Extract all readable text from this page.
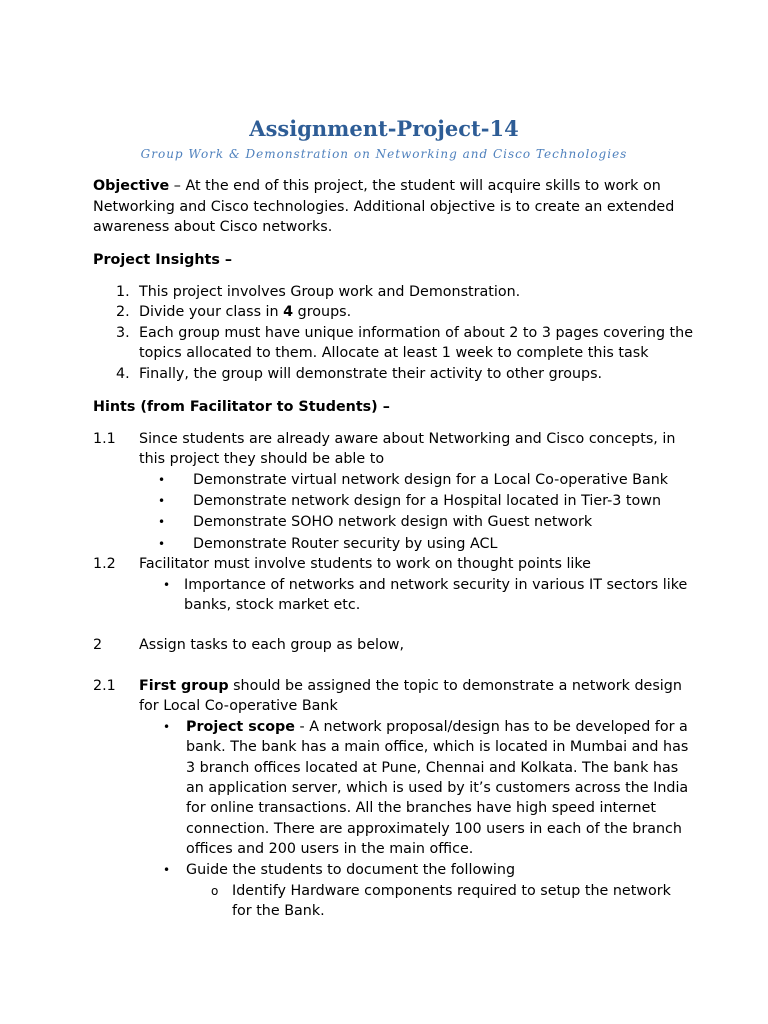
Assignment-Project-14
Group Work & Demonstration on Networking and Cisco Technologies
Objective – At the end of this project, the student will acquire skills to work on
Networking and Cisco technologies. Additional objective is to create an extended
awareness about Cisco networks.
Project Insights –
1. This project involves Group work and Demonstration.
2. Divide your class in 4 groups.
3. Each group must have unique information of about 2 to 3 pages covering the
topics allocated to them. Allocate at least 1 week to complete this task
4. Finally, the group will demonstrate their activity to other groups.
Hints (from Facilitator to Students) –
1.1 Since students are already aware about Networking and Cisco concepts, in
this project they should be able to
• Demonstrate virtual network design for a Local Co-operative Bank
• Demonstrate network design for a Hospital located in Tier-3 town
• Demonstrate SOHO network design with Guest network
• Demonstrate Router security by using ACL
1.2 Facilitator must involve students to work on thought points like
• Importance of networks and network security in various IT sectors like
banks, stock market etc.
2	Assign tasks to each group as below,
2.1 First group should be assigned the topic to demonstrate a network design
for Local Co-operative Bank
• Project scope - A network proposal/design has to be developed for a
bank. The bank has a main office, which is located in Mumbai and has
3 branch offices located at Pune, Chennai and Kolkata. The bank has
an application server, which is used by it’s customers across the India
for online transactions. All the branches have high speed internet
connection. There are approximately 100 users in each of the branch
offices and 200 users in the main office.
• Guide the students to document the following
o Identify Hardware components required to setup the network
for the Bank.
